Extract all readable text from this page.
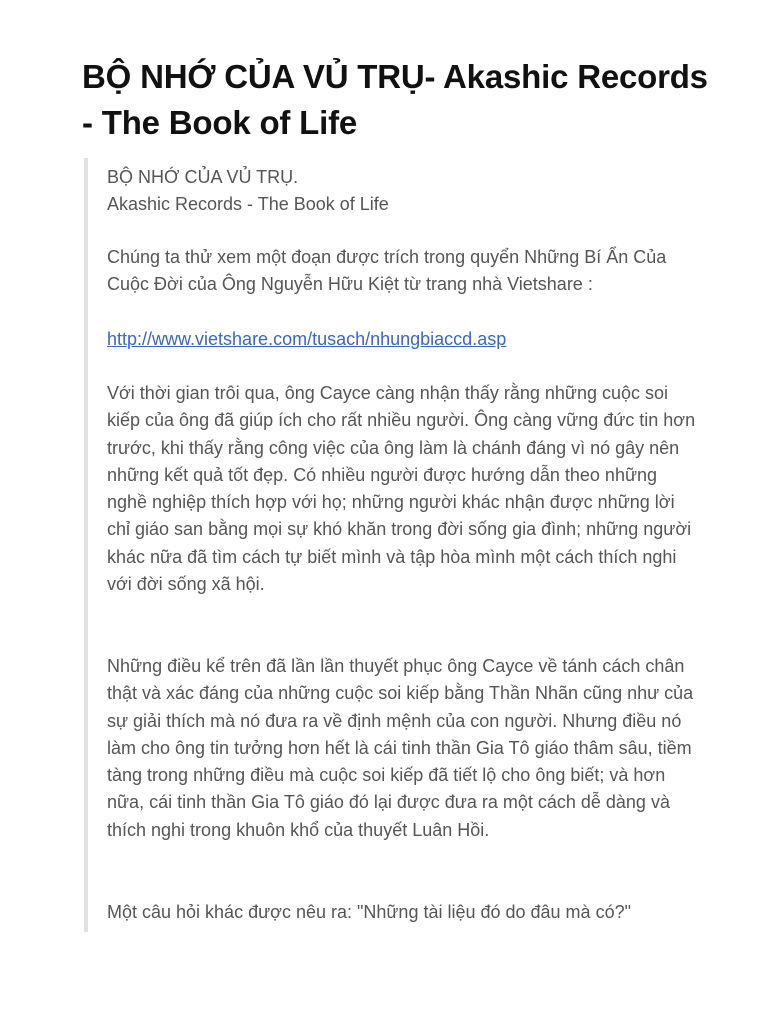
BỘ NHỚ CỦA VỦ TRỤ- Akashic Records - The Book of Life

BỘ NHỚ CỦA VỦ TRỤ.
Akashic Records - The Book of Life

Chúng ta thử xem một đoạn được trích trong quyển Những Bí Ẩn Của Cuộc Đời của Ông Nguyễn Hữu Kiệt từ trang nhà Vietshare :

http://www.vietshare.com/tusach/nhungbiaccd.asp

Với thời gian trôi qua, ông Cayce càng nhận thấy rằng những cuộc soi kiếp của ông đã giúp ích cho rất nhiều người. Ông càng vững đức tin hơn trước, khi thấy rằng công việc của ông làm là chánh đáng vì nó gây nên những kết quả tốt đẹp. Có nhiều người được hướng dẫn theo những nghề nghiệp thích hợp với họ; những người khác nhận được những lời chỉ giáo san bằng mọi sự khó khăn trong đời sống gia đình; những người khác nữa đã tìm cách tự biết mình và tập hòa mình một cách thích nghi với đời sống xã hội.

Những điều kể trên đã lần lần thuyết phục ông Cayce về tánh cách chân thật và xác đáng của những cuộc soi kiếp bằng Thần Nhãn cũng như của sự giải thích mà nó đưa ra về định mệnh của con người. Nhưng điều nó làm cho ông tin tưởng hơn hết là cái tinh thần Gia Tô giáo thâm sâu, tiềm tàng trong những điều mà cuộc soi kiếp đã tiết lộ cho ông biết; và hơn nữa, cái tinh thần Gia Tô giáo đó lại được đưa ra một cách dễ dàng và thích nghi trong khuôn khổ của thuyết Luân Hồi.

Một câu hỏi khác được nêu ra: "Những tài liệu đó do đâu mà có?"
